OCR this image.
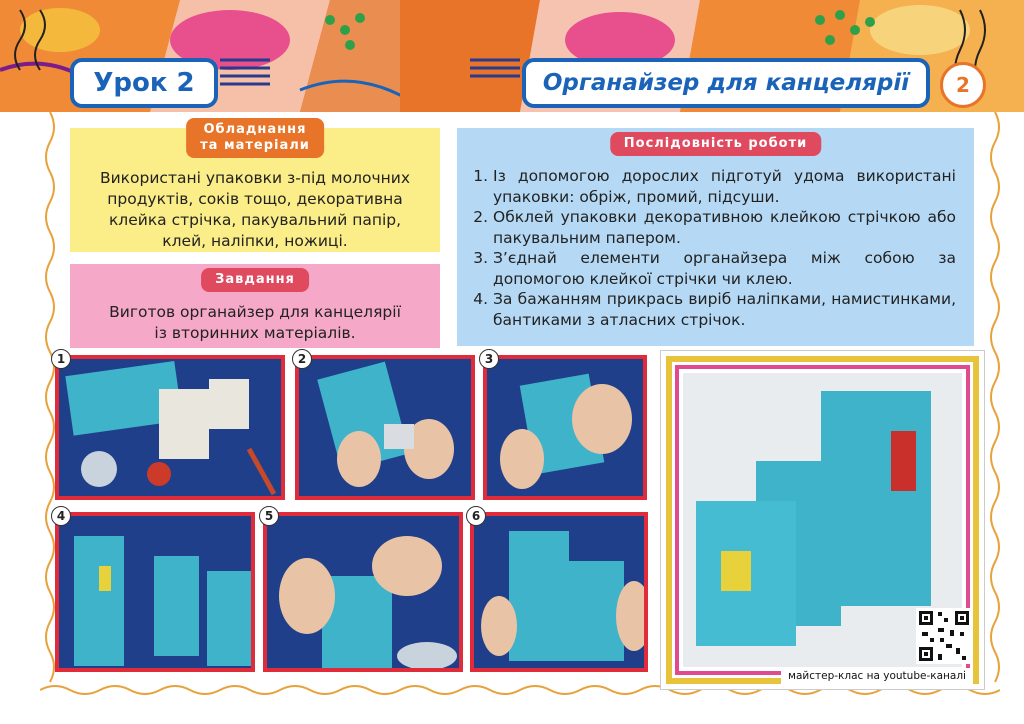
Урок 2	Органайзер для канцелярії	2
Обладнання
та матеріали
Використані упаковки з-під молочних
продуктів, соків тощо, декоративна
клейка стрічка, пакувальний папір,
клей, наліпки, ножиці.
Завдання
Виготов органайзер для канцелярії
із вторинних матеріалів.
Послідовність роботи
1. Із допомогою дорослих підготуй удома використані упаковки: обріж, промий, підсуши.
2. Обклей упаковки декоративною клейкою стрічкою або пакувальним папером.
3. З’єднай елементи органайзера між собою за допомогою клейкої стрічки чи клею.
4. За бажанням прикрась виріб наліпками, намистинками, бантиками з атласних стрічок.
1	2	3
4	5	6
майстер-клас на youtube-каналі
